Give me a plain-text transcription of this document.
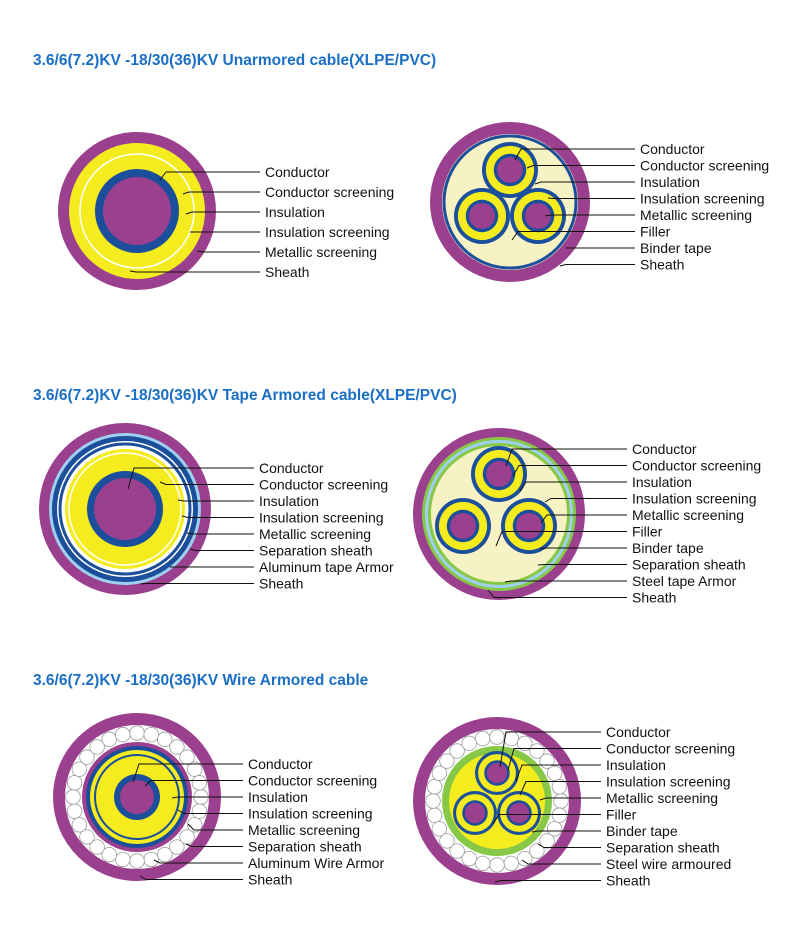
3.6/6(7.2)KV -18/30(36)KV Unarmored cable(XLPE/PVC)
3.6/6(7.2)KV -18/30(36)KV Tape Armored cable(XLPE/PVC)
3.6/6(7.2)KV -18/30(36)KV Wire Armored cable
Conductor
Conductor screening
Insulation
Insulation screening
Metallic screening
Sheath
Conductor
Conductor screening
Insulation
Insulation screening
Metallic screening
Filler
Binder tape
Sheath
Conductor
Conductor screening
Insulation
Insulation screening
Metallic screening
Separation sheath
Aluminum tape Armor
Sheath
Conductor
Conductor screening
Insulation
Insulation screening
Metallic screening
Filler
Binder tape
Separation sheath
Steel tape Armor
Sheath
Conductor
Conductor screening
Insulation
Insulation screening
Metallic screening
Separation sheath
Aluminum Wire Armor
Sheath
Conductor
Conductor screening
Insulation
Insulation screening
Metallic screening
Filler
Binder tape
Separation sheath
Steel wire armoured
Sheath
